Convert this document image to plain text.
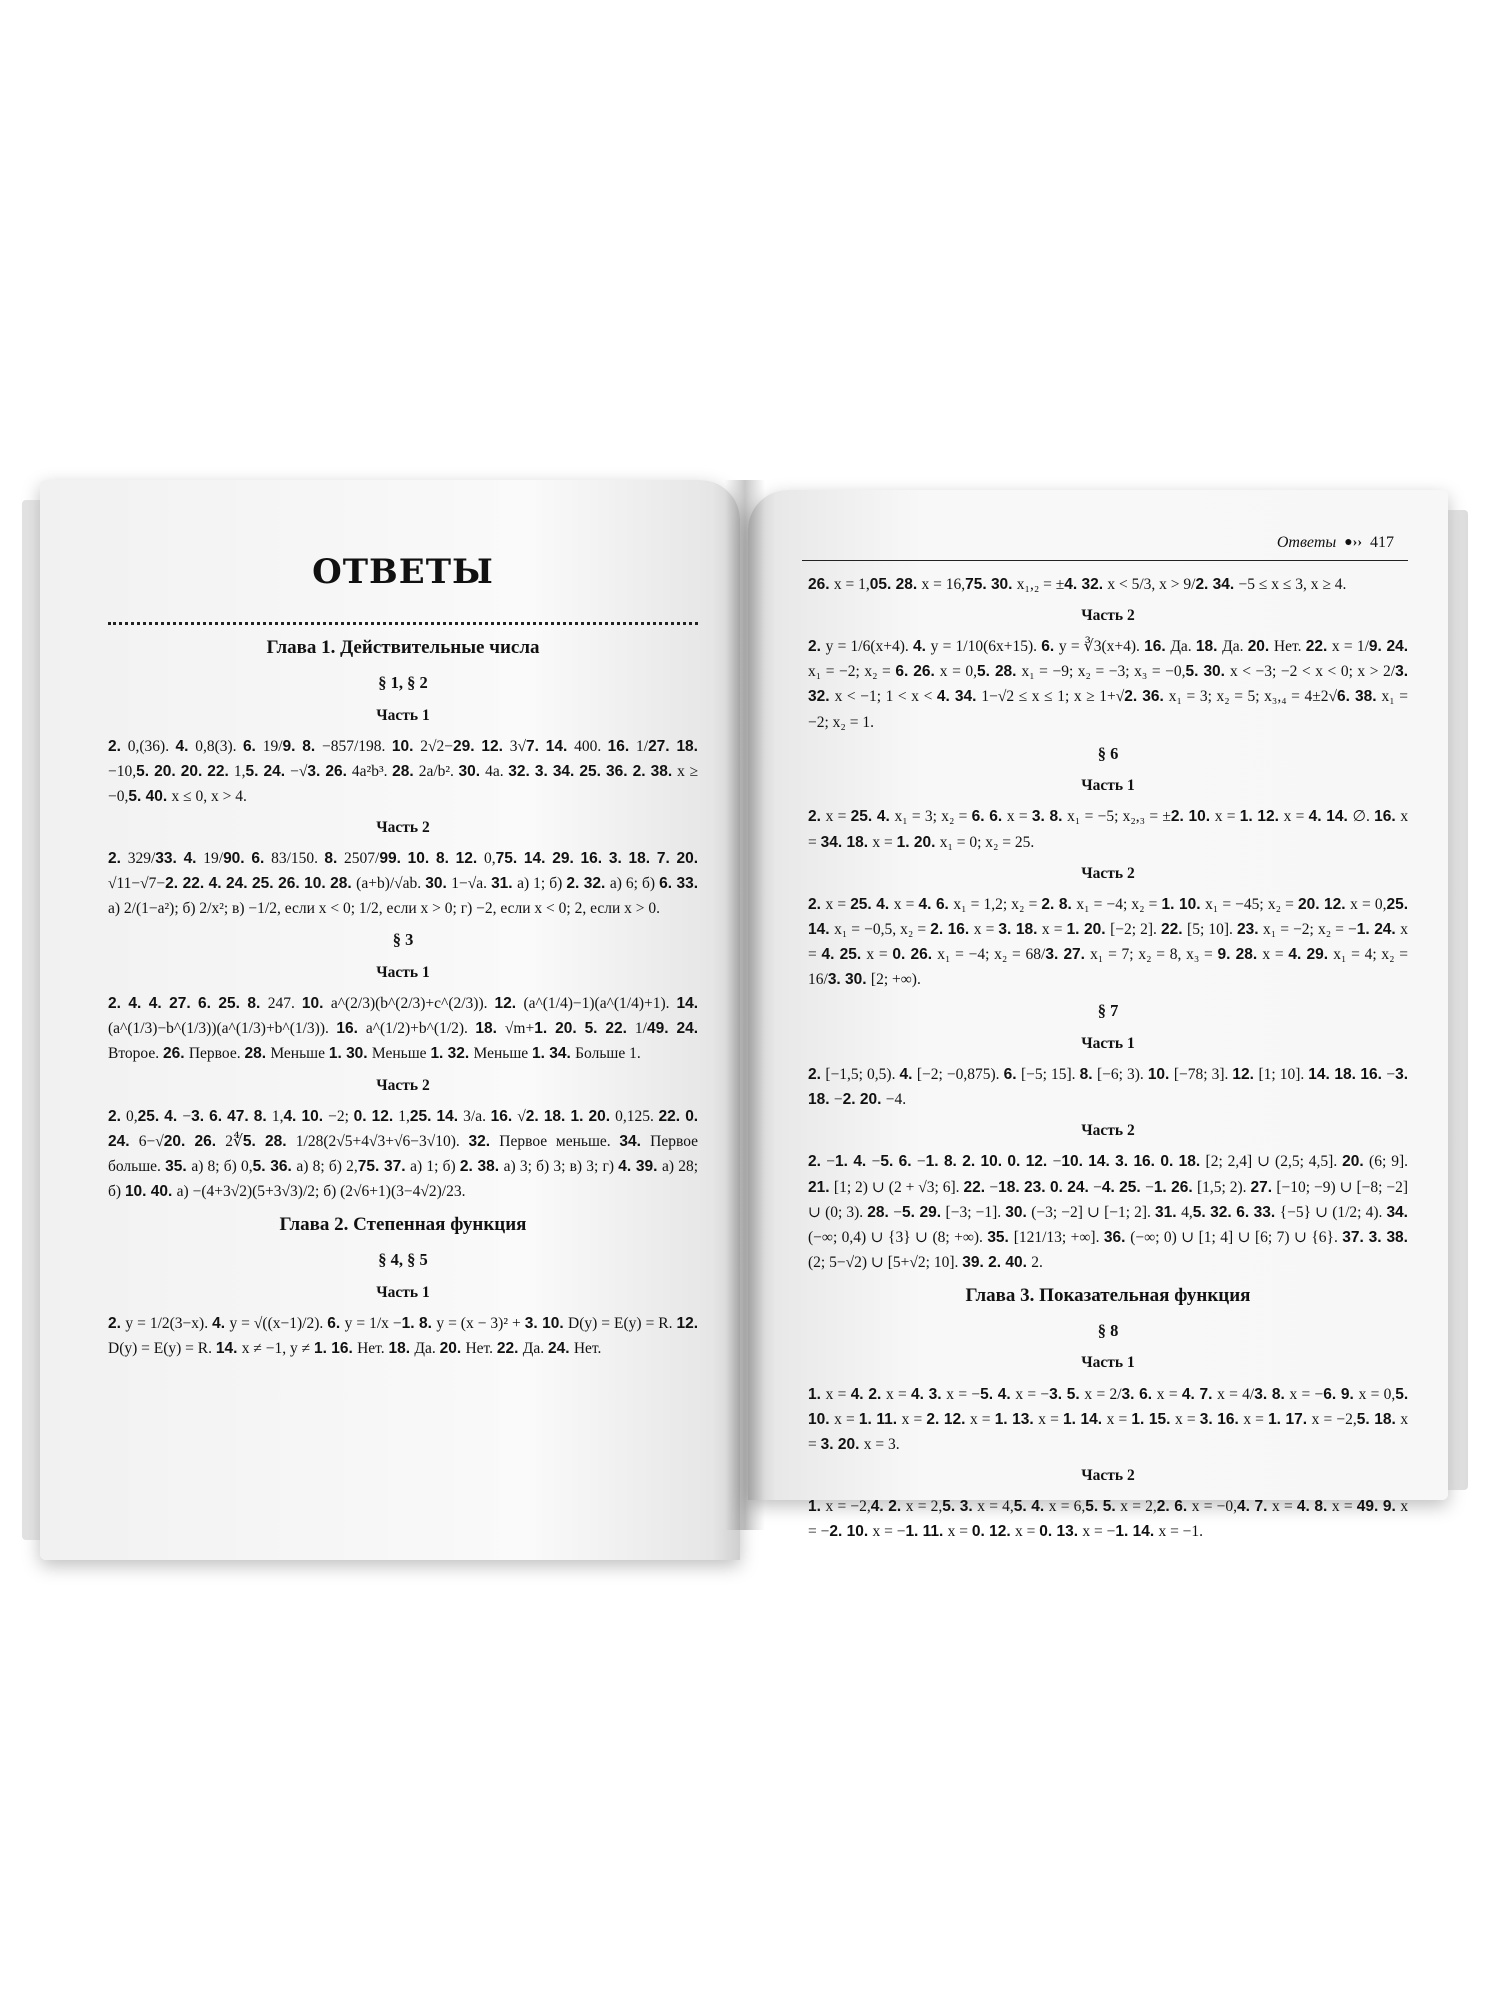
ОТВЕТЫ
Глава 1. Действительные числа
§ 1, § 2
Часть 1
2. 0,(36). 4. 0,8(3). 6. 19/9. 8. −857/198. 10. 2√2−29. 12. 3√7. 14. 400. 16. 1/27. 18. −10,5. 20. 20. 22. 1,5. 24. −√3. 26. 4a²b³. 28. 2a/b². 30. 4a. 32. 3. 34. 25. 36. 2. 38. x ≥ −0,5. 40. x ≤ 0, x > 4.
Часть 2
2. 329/33. 4. 19/90. 6. 83/150. 8. 2507/99. 10. 8. 12. 0,75. 14. 29. 16. 3. 18. 7. 20. √11−√7−2. 22. 4. 24. 25. 26. 10. 28. (a+b)/√ab. 30. 1−√a. 31. а) 1; б) 2. 32. а) 6; б) 6. 33. а) 2/(1−a²); б) 2/x²; в) −1/2, если x < 0; 1/2, если x > 0; г) −2, если x < 0; 2, если x > 0.
§ 3
Часть 1
2. 4. 4. 27. 6. 25. 8. 247. 10. a^(2/3)(b^(2/3)+c^(2/3)). 12. (a^(1/4)−1)(a^(1/4)+1). 14. (a^(1/3)−b^(1/3))(a^(1/3)+b^(1/3)). 16. a^(1/2)+b^(1/2). 18. √m+1. 20. 5. 22. 1/49. 24. Второе. 26. Первое. 28. Меньше 1. 30. Меньше 1. 32. Меньше 1. 34. Больше 1.
Часть 2
2. 0,25. 4. −3. 6. 47. 8. 1,4. 10. −2; 0. 12. 1,25. 14. 3/a. 16. √2. 18. 1. 20. 0,125. 22. 0. 24. 6−√20. 26. 2∜5. 28. 1/28(2√5+4√3+√6−3√10). 32. Первое меньше. 34. Первое больше. 35. а) 8; б) 0,5. 36. а) 8; б) 2,75. 37. а) 1; б) 2. 38. а) 3; б) 3; в) 3; г) 4. 39. а) 28; б) 10. 40. а) −(4+3√2)(5+3√3)/2; б) (2√6+1)(3−4√2)/23.
Глава 2. Степенная функция
§ 4, § 5
Часть 1
2. y = 1/2(3−x). 4. y = √((x−1)/2). 6. y = 1/x −1. 8. y = (x − 3)² + 3. 10. D(y) = E(y) = R. 12. D(y) = E(y) = R. 14. x ≠ −1, y ≠ 1. 16. Нет. 18. Да. 20. Нет. 22. Да. 24. Нет.
Ответы ●›› 417
26. x = 1,05. 28. x = 16,75. 30. x₁,₂ = ±4. 32. x < 5/3, x > 9/2. 34. −5 ≤ x ≤ 3, x ≥ 4.
Часть 2
2. y = 1/6(x+4). 4. y = 1/10(6x+15). 6. y = ∛3(x+4). 16. Да. 18. Да. 20. Нет. 22. x = 1/9. 24. x₁ = −2; x₂ = 6. 26. x = 0,5. 28. x₁ = −9; x₂ = −3; x₃ = −0,5. 30. x < −3; −2 < x < 0; x > 2/3. 32. x < −1; 1 < x < 4. 34. 1−√2 ≤ x ≤ 1; x ≥ 1+√2. 36. x₁ = 3; x₂ = 5; x₃,₄ = 4±2√6. 38. x₁ = −2; x₂ = 1.
§ 6
Часть 1
2. x = 25. 4. x₁ = 3; x₂ = 6. 6. x = 3. 8. x₁ = −5; x₂,₃ = ±2. 10. x = 1. 12. x = 4. 14. ∅. 16. x = 34. 18. x = 1. 20. x₁ = 0; x₂ = 25.
Часть 2
2. x = 25. 4. x = 4. 6. x₁ = 1,2; x₂ = 2. 8. x₁ = −4; x₂ = 1. 10. x₁ = −45; x₂ = 20. 12. x = 0,25. 14. x₁ = −0,5, x₂ = 2. 16. x = 3. 18. x = 1. 20. [−2; 2]. 22. [5; 10]. 23. x₁ = −2; x₂ = −1. 24. x = 4. 25. x = 0. 26. x₁ = −4; x₂ = 68/3. 27. x₁ = 7; x₂ = 8, x₃ = 9. 28. x = 4. 29. x₁ = 4; x₂ = 16/3. 30. [2; +∞).
§ 7
Часть 1
2. [−1,5; 0,5). 4. [−2; −0,875). 6. [−5; 15]. 8. [−6; 3). 10. [−78; 3]. 12. [1; 10]. 14. 18. 16. −3. 18. −2. 20. −4.
Часть 2
2. −1. 4. −5. 6. −1. 8. 2. 10. 0. 12. −10. 14. 3. 16. 0. 18. [2; 2,4] ∪ (2,5; 4,5]. 20. (6; 9]. 21. [1; 2) ∪ (2 + √3; 6]. 22. −18. 23. 0. 24. −4. 25. −1. 26. [1,5; 2). 27. [−10; −9) ∪ [−8; −2] ∪ (0; 3). 28. −5. 29. [−3; −1]. 30. (−3; −2] ∪ [−1; 2]. 31. 4,5. 32. 6. 33. {−5} ∪ (1/2; 4). 34. (−∞; 0,4) ∪ {3} ∪ (8; +∞). 35. [121/13; +∞]. 36. (−∞; 0) ∪ [1; 4] ∪ [6; 7) ∪ {6}. 37. 3. 38. (2; 5−√2) ∪ [5+√2; 10]. 39. 2. 40. 2.
Глава 3. Показательная функция
§ 8
Часть 1
1. x = 4. 2. x = 4. 3. x = −5. 4. x = −3. 5. x = 2/3. 6. x = 4. 7. x = 4/3. 8. x = −6. 9. x = 0,5. 10. x = 1. 11. x = 2. 12. x = 1. 13. x = 1. 14. x = 1. 15. x = 3. 16. x = 1. 17. x = −2,5. 18. x = 3. 20. x = 3.
Часть 2
1. x = −2,4. 2. x = 2,5. 3. x = 4,5. 4. x = 6,5. 5. x = 2,2. 6. x = −0,4. 7. x = 4. 8. x = 49. 9. x = −2. 10. x = −1. 11. x = 0. 12. x = 0. 13. x = −1. 14. x = −1.
